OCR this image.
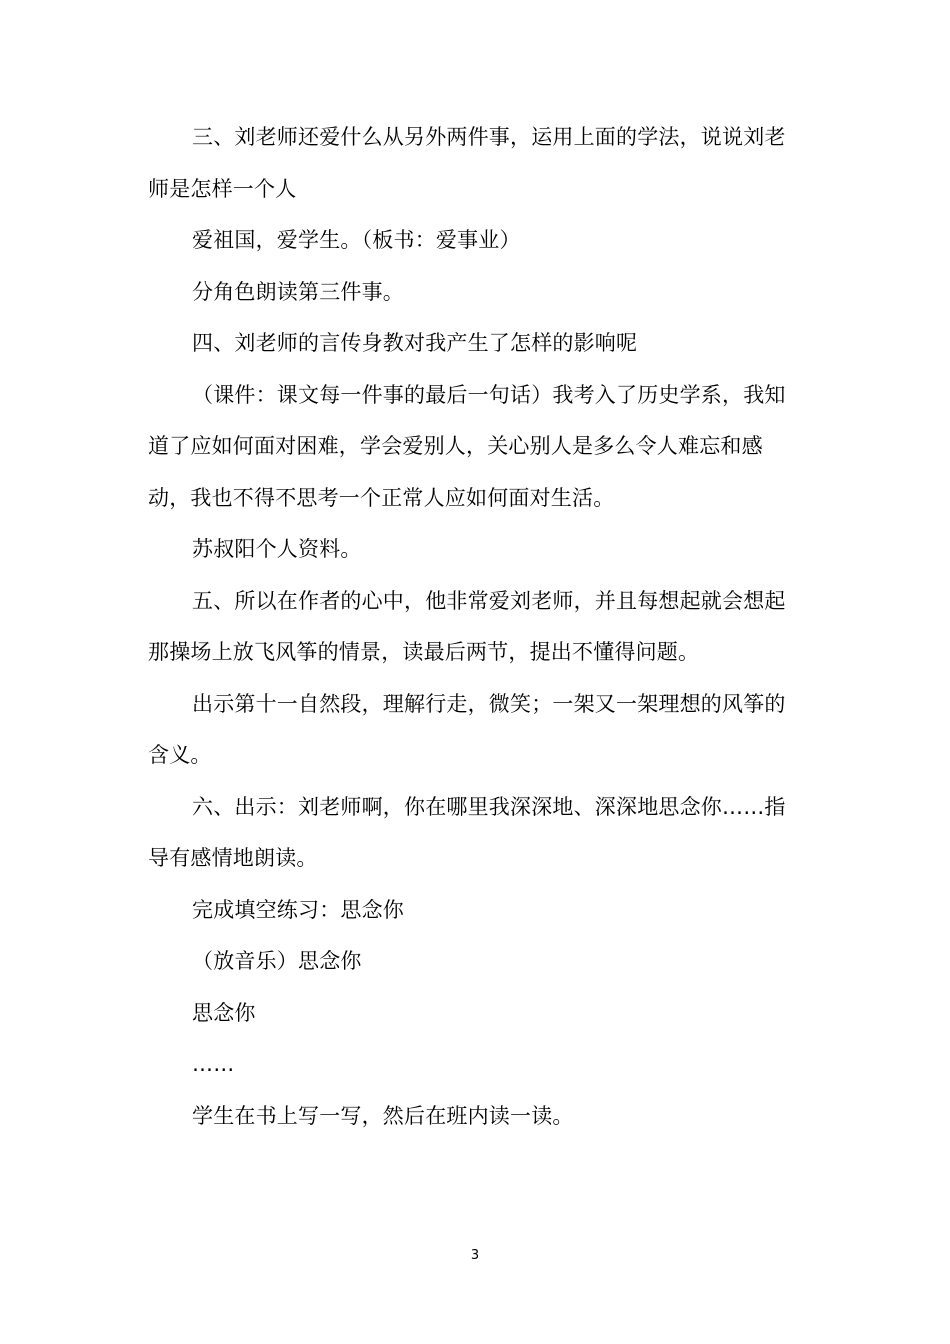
三、刘老师还爱什么从另外两件事，运用上面的学法，说说刘老师是怎样一个人

爱祖国，爱学生。（板书：爱事业）

分角色朗读第三件事。

四、刘老师的言传身教对我产生了怎样的影响呢

（课件：课文每一件事的最后一句话）我考入了历史学系，我知道了应如何面对困难，学会爱别人，关心别人是多么令人难忘和感动，我也不得不思考一个正常人应如何面对生活。

苏叔阳个人资料。

五、所以在作者的心中，他非常爱刘老师，并且每想起就会想起那操场上放飞风筝的情景，读最后两节，提出不懂得问题。

出示第十一自然段，理解行走，微笑；一架又一架理想的风筝的含义。

六、出示：刘老师啊，你在哪里我深深地、深深地思念你……指导有感情地朗读。

完成填空练习：思念你

（放音乐）思念你

思念你

……

学生在书上写一写，然后在班内读一读。

3
